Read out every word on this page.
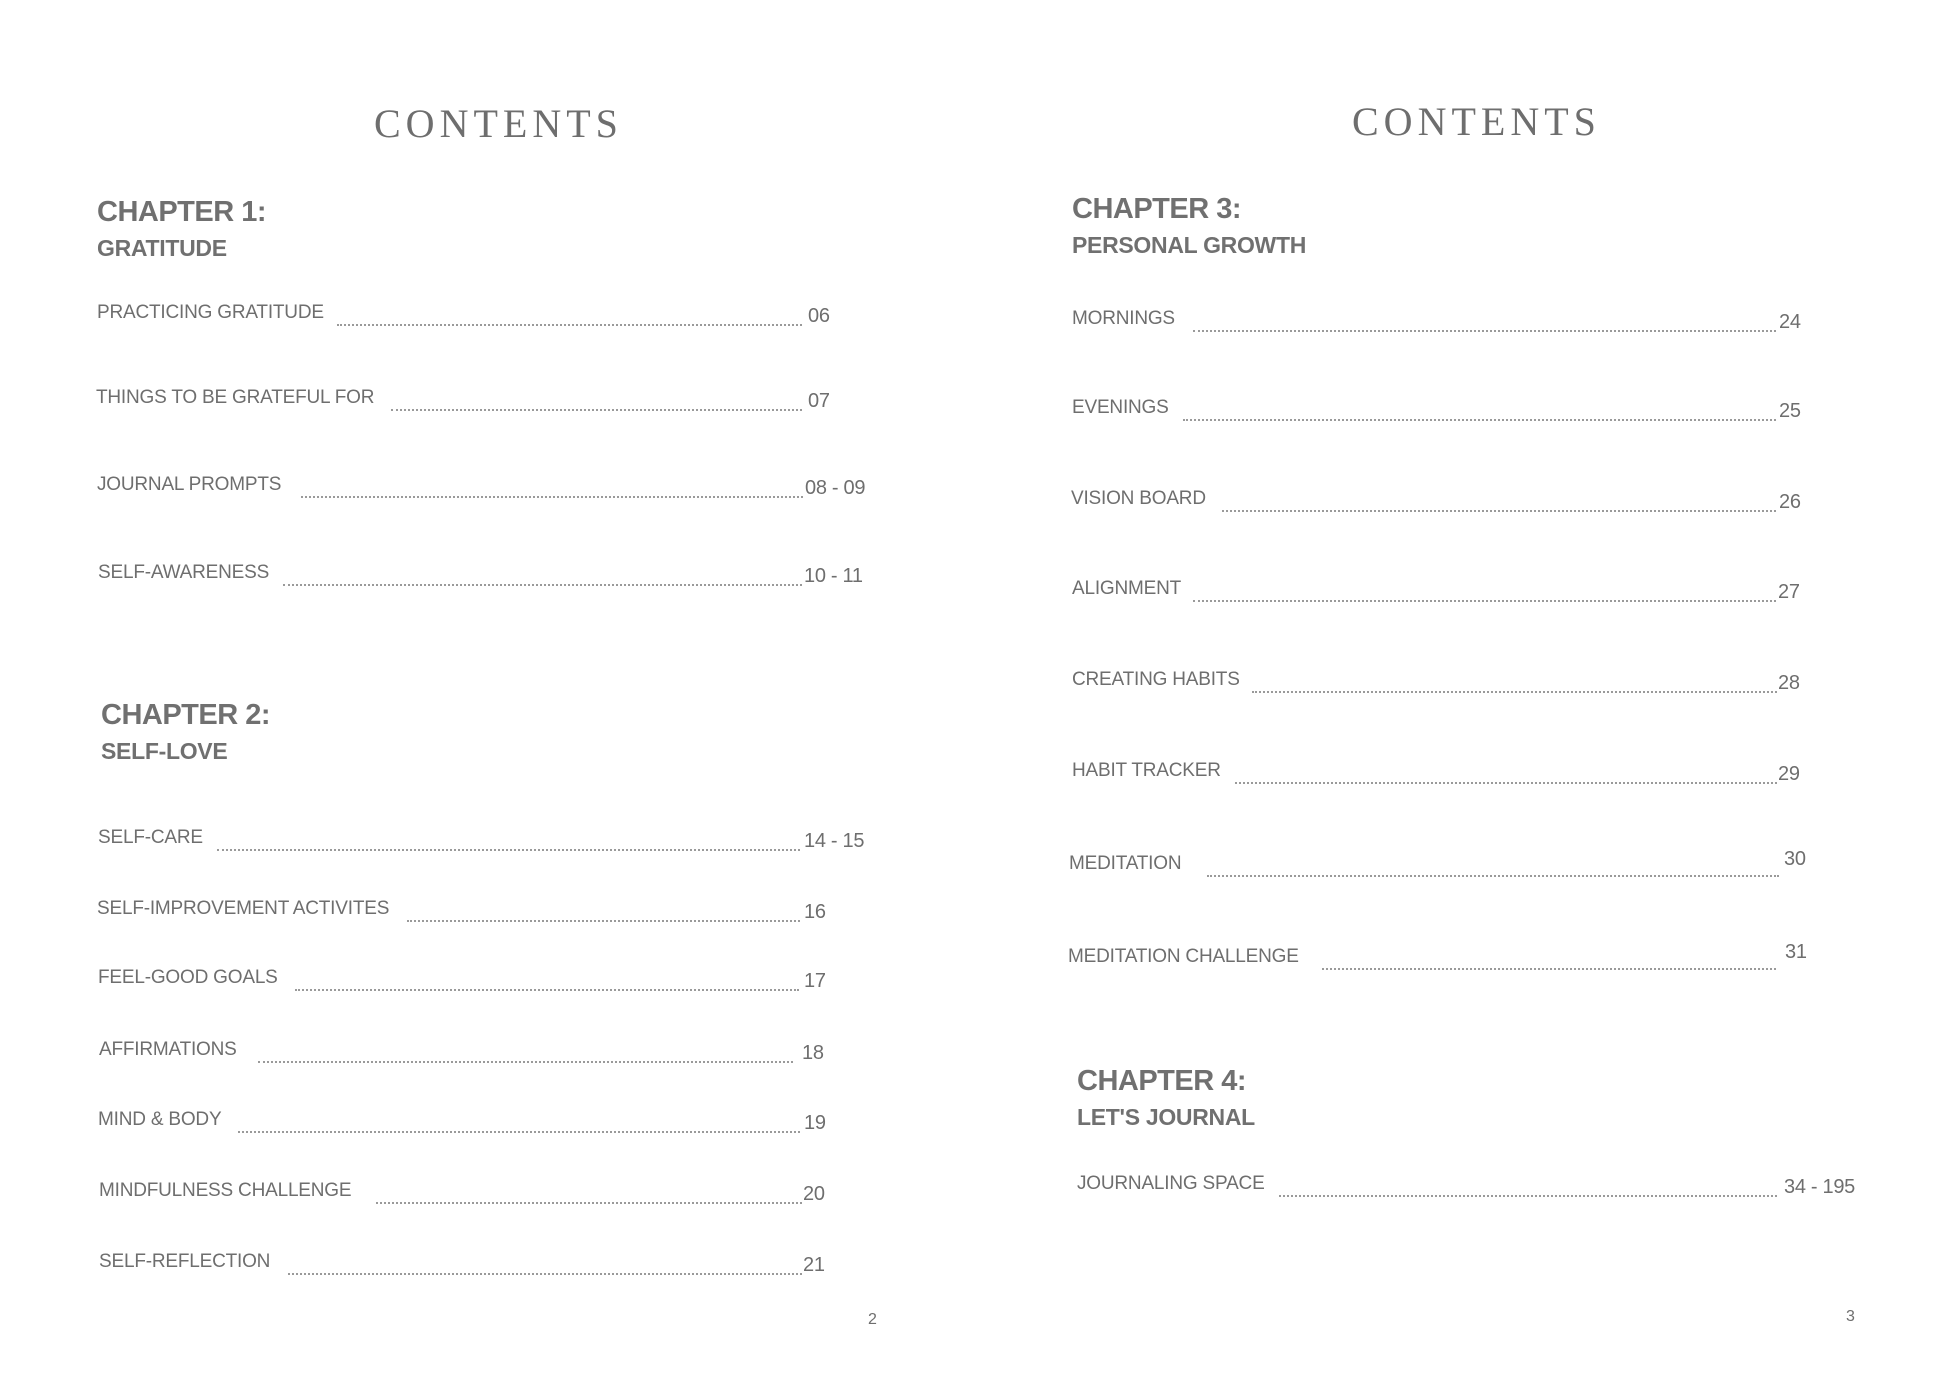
CONTENTS
CHAPTER 1:
GRATITUDE
PRACTICING GRATITUDE	06
THINGS TO BE GRATEFUL FOR	07
JOURNAL PROMPTS	08 - 09
SELF-AWARENESS	10 - 11
CHAPTER 2:
SELF-LOVE
SELF-CARE	14 - 15
SELF-IMPROVEMENT ACTIVITES	16
FEEL-GOOD GOALS	17
AFFIRMATIONS	18
MIND & BODY	19
MINDFULNESS CHALLENGE	20
SELF-REFLECTION	21
2
CONTENTS
CHAPTER 3:
PERSONAL GROWTH
MORNINGS	24
EVENINGS	25
VISION BOARD	26
ALIGNMENT	27
CREATING HABITS	28
HABIT TRACKER	29
MEDITATION	30
MEDITATION CHALLENGE	31
CHAPTER 4:
LET'S JOURNAL
JOURNALING SPACE	34 - 195
3
